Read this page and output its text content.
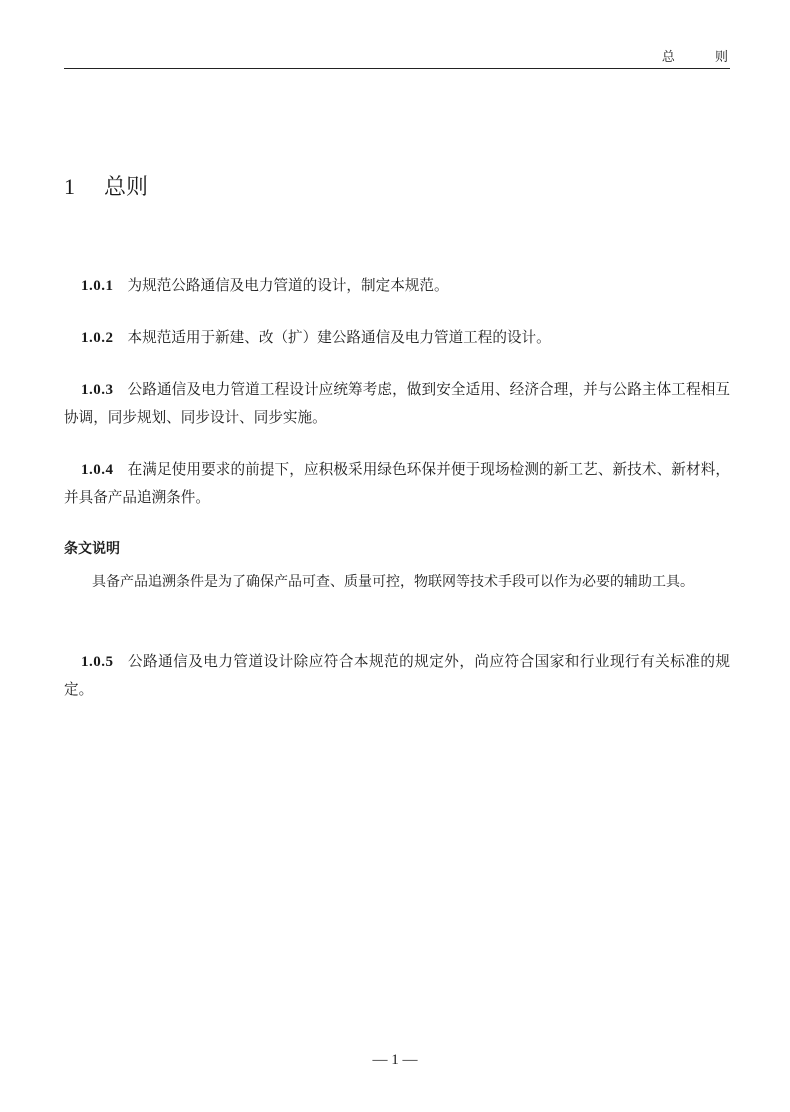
总 则
1 总则
1.0.1 为规范公路通信及电力管道的设计，制定本规范。
1.0.2 本规范适用于新建、改（扩）建公路通信及电力管道工程的设计。
1.0.3 公路通信及电力管道工程设计应统筹考虑，做到安全适用、经济合理，并与公路主体工程相互协调，同步规划、同步设计、同步实施。
1.0.4 在满足使用要求的前提下，应积极采用绿色环保并便于现场检测的新工艺、新技术、新材料，并具备产品追溯条件。
条文说明
具备产品追溯条件是为了确保产品可查、质量可控，物联网等技术手段可以作为必要的辅助工具。
1.0.5 公路通信及电力管道设计除应符合本规范的规定外，尚应符合国家和行业现行有关标准的规定。
— 1 —
